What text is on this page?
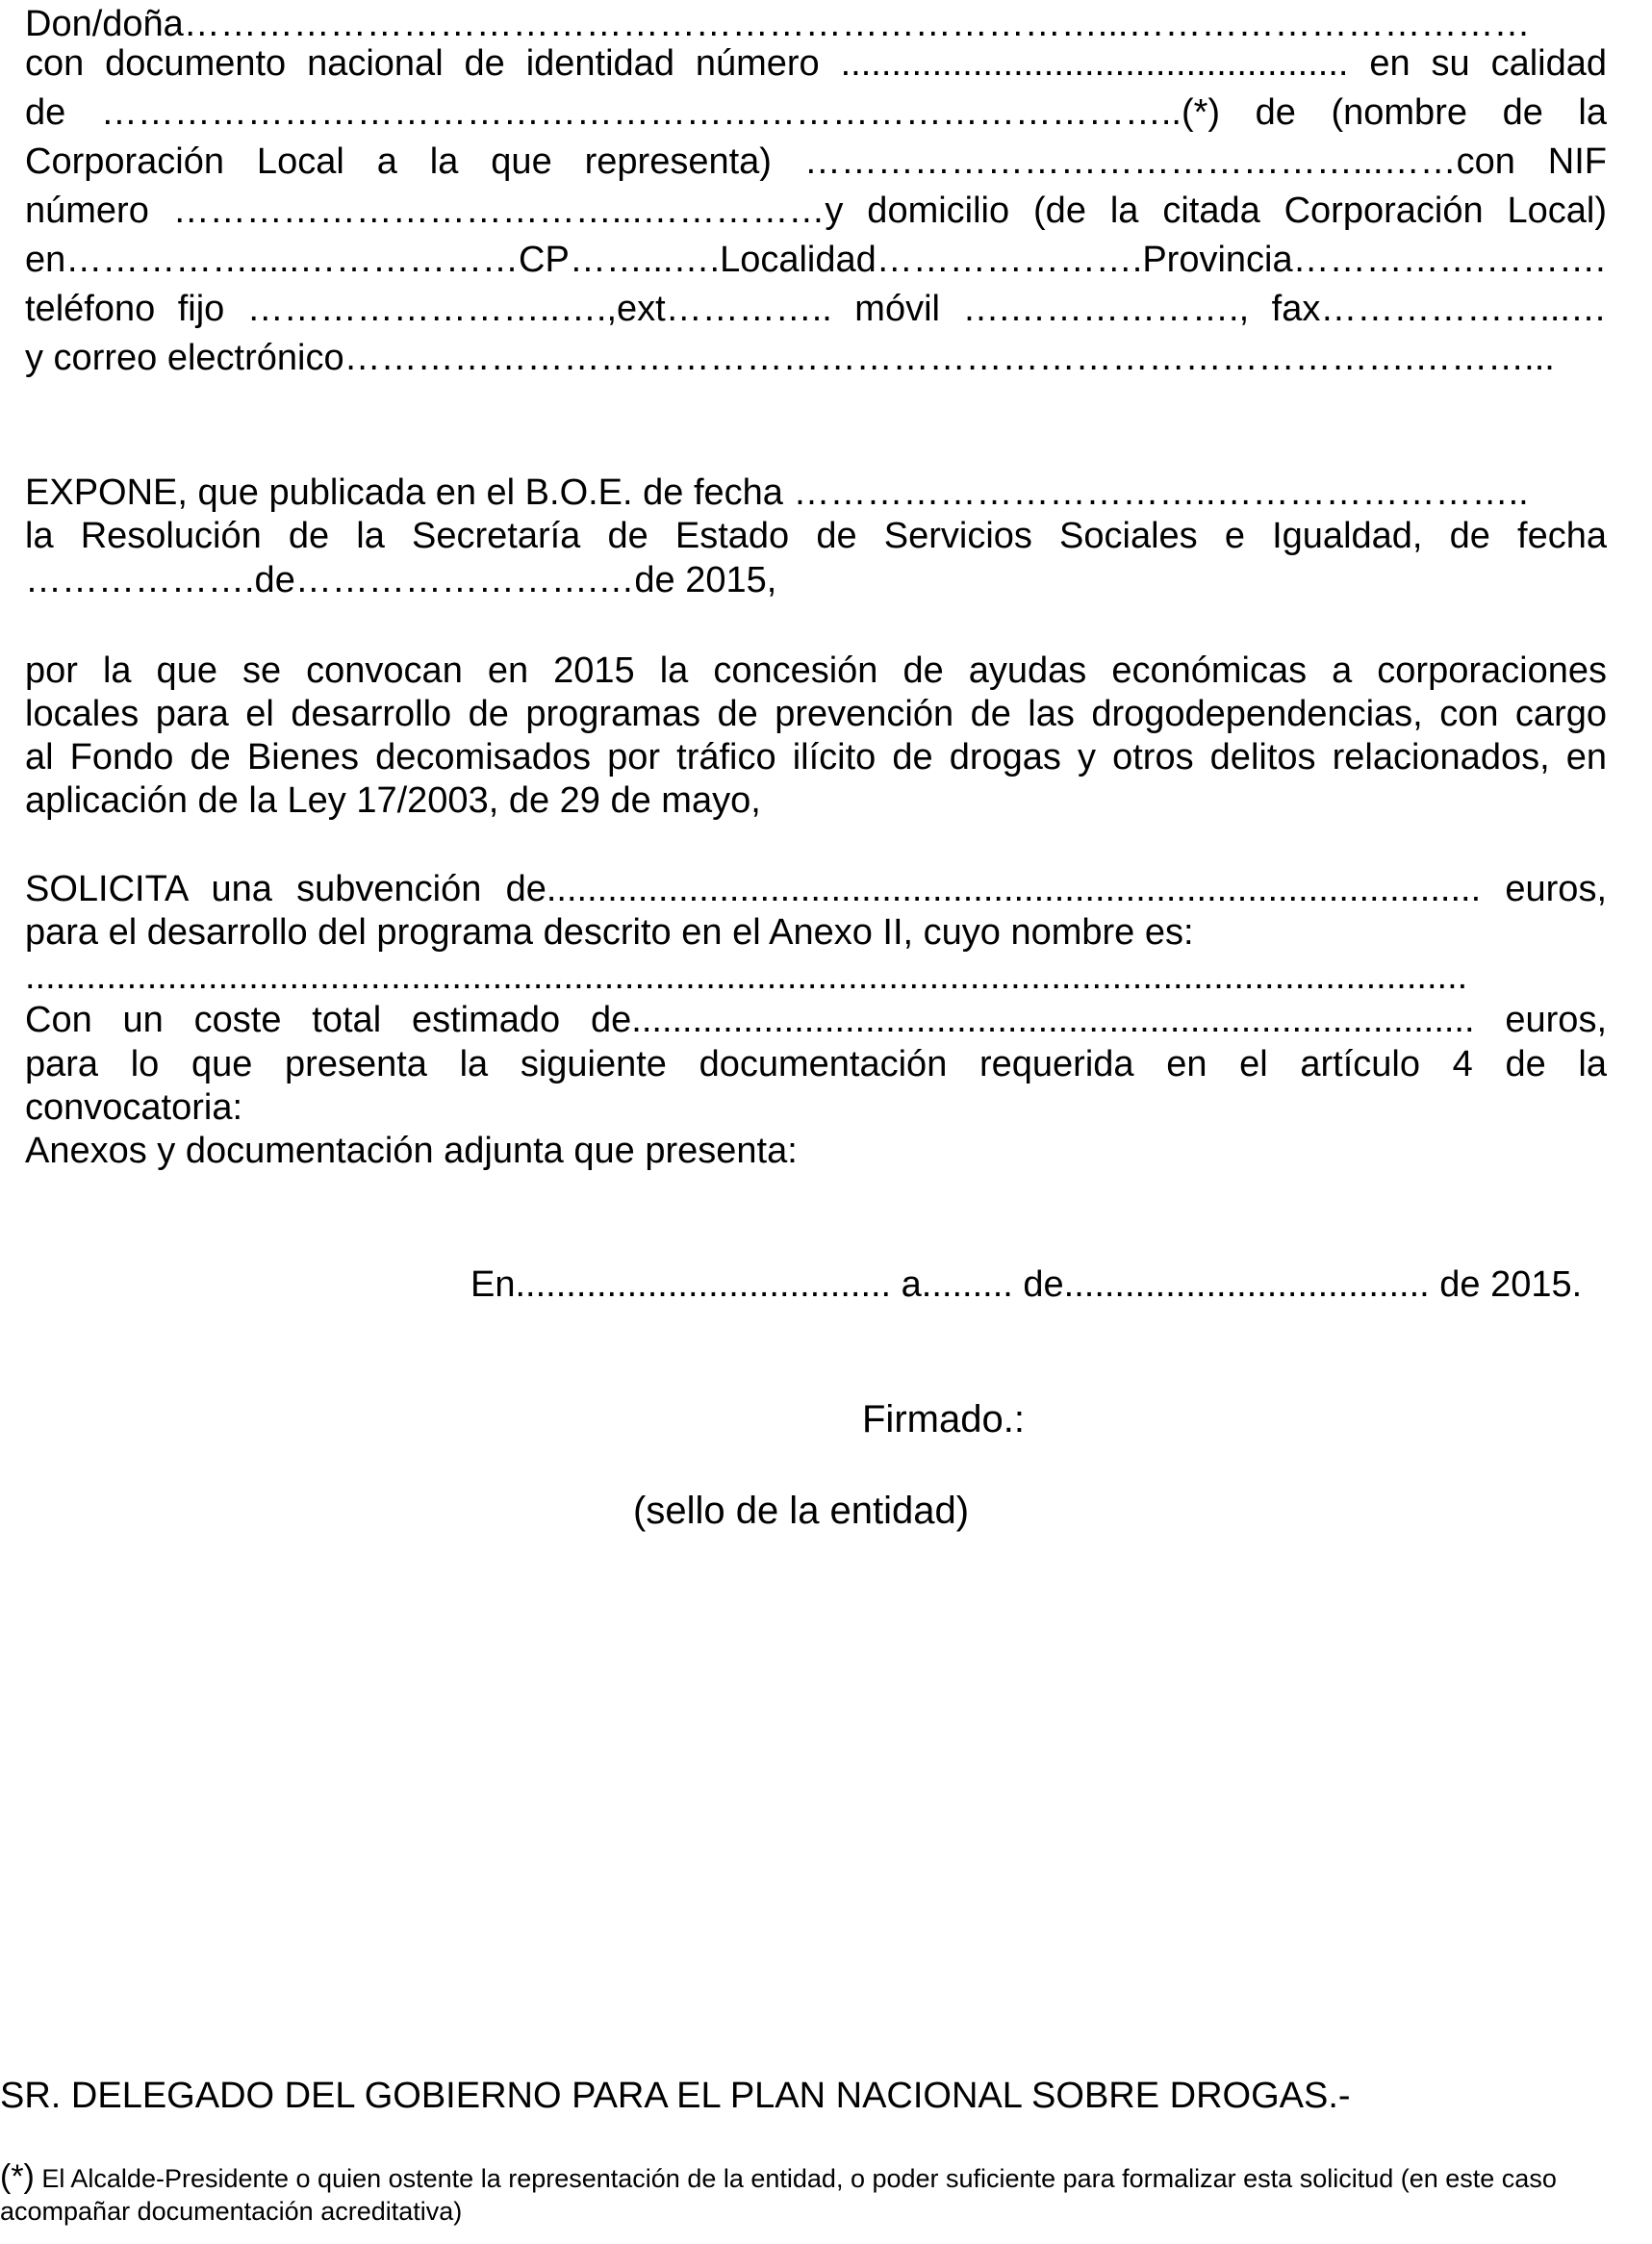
Don/doña…………………………………………………………………...……………………………
con documento nacional de identidad número .................................................. en su calidad
de ……………………………………………………………………………..(*) de (nombre de la
Corporación Local a la que representa) ………………………………………...……con NIF
número ………………………………...……………y domicilio (de la citada Corporación Local)
en…………….....………………CP……...….Localidad………………….Provincia…………….……….
teléfono fijo ……………………..….,ext………….. móvil ….………………., fax………………...…
y correo electrónico…………………………………………………………………………….………...
EXPONE, que publicada en el B.O.E. de fecha ……………………………..……………………..
la Resolución de la Secretaría de Estado de Servicios Sociales e Igualdad, de fecha
……………….de…………………….…de 2015,
por la que se convocan en 2015 la concesión de ayudas económicas a corporaciones
locales para el desarrollo de programas de prevención de las drogodependencias, con cargo
al Fondo de Bienes decomisados por tráfico ilícito de drogas y otros delitos relacionados, en
aplicación de la Ley 17/2003, de 29 de mayo,
SOLICITA una subvención de............................................................................................ euros,
para el desarrollo del programa descrito en el Anexo II, cuyo nombre es:
..............................................................................................................................................
Con un coste total estimado de................................................................................... euros,
para lo que presenta la siguiente documentación requerida en el artículo 4 de la
convocatoria:
Anexos y documentación adjunta que presenta:
En..................................... a......... de.................................... de 2015.
Firmado.:
(sello de la entidad)
SR. DELEGADO DEL GOBIERNO PARA EL PLAN NACIONAL SOBRE DROGAS.-
(*) El Alcalde-Presidente o quien ostente la representación de la entidad, o poder suficiente para formalizar esta solicitud (en este caso acompañar documentación acreditativa)
